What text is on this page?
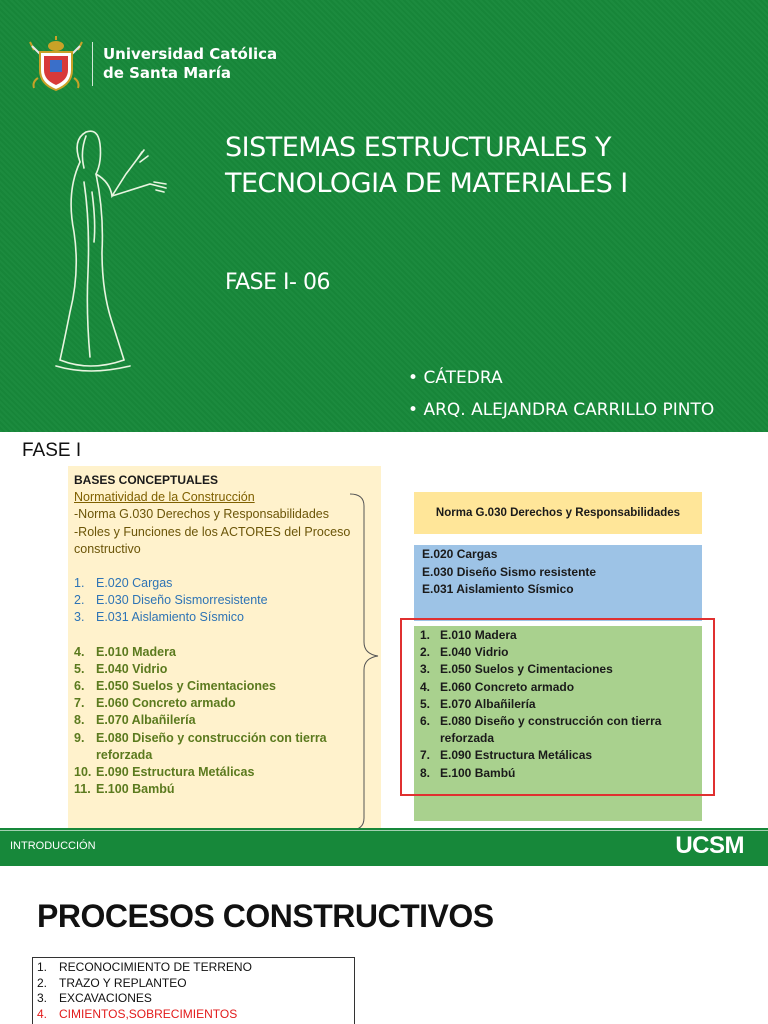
Universidad Católica
de Santa María
SISTEMAS ESTRUCTURALES Y
TECNOLOGIA DE MATERIALES I
FASE I- 06
• CÁTEDRA
• ARQ. ALEJANDRA CARRILLO PINTO
FASE I
BASES CONCEPTUALES
Normatividad de la Construcción
-Norma G.030 Derechos y Responsabilidades
-Roles y Funciones de los ACTORES del Proceso
constructivo
1. E.020 Cargas
2. E.030 Diseño Sismorresistente
3. E.031 Aislamiento Sísmico
4. E.010 Madera
5. E.040 Vidrio
6. E.050 Suelos y Cimentaciones
7. E.060 Concreto armado
8. E.070 Albañilería
9. E.080 Diseño y construcción con tierra
reforzada
10. E.090 Estructura Metálicas
11. E.100 Bambú
Norma G.030 Derechos y Responsabilidades
E.020 Cargas
E.030 Diseño Sismo resistente
E.031 Aislamiento Sísmico
1. E.010 Madera
2. E.040 Vidrio
3. E.050 Suelos y Cimentaciones
4. E.060 Concreto armado
5. E.070 Albañilería
6. E.080 Diseño y construcción con tierra
reforzada
7. E.090 Estructura Metálicas
8. E.100 Bambú
INTRODUCCIÓN	UCSM
PROCESOS CONSTRUCTIVOS
1. RECONOCIMIENTO DE TERRENO
2. TRAZO Y REPLANTEO
3. EXCAVACIONES
4. CIMIENTOS,SOBRECIMIENTOS
